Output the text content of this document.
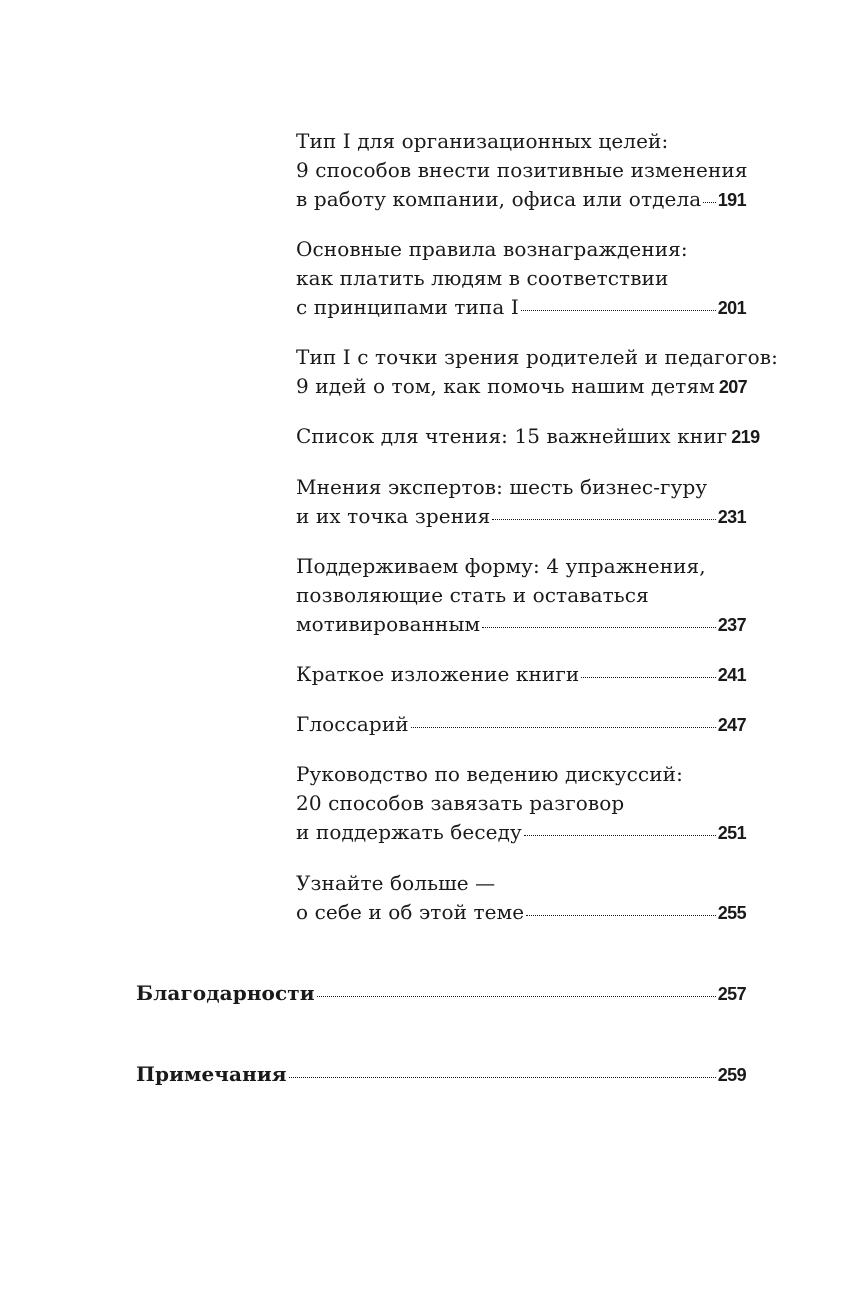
Тип I для организационных целей:
9 способов внести позитивные изменения
в работу компании, офиса или отдела 191
Основные правила вознаграждения:
как платить людям в соответствии
с принципами типа I	201
Тип I с точки зрения родителей и педагогов:
9 идей о том, как помочь нашим детям 207
Список для чтения: 15 важнейших книг 219
Мнения экспертов: шесть бизнес-гуру
и их точка зрения	231
Поддерживаем форму: 4 упражнения,
позволяющие стать и оставаться
мотивированным	237
Краткое изложение книги	241
Глоссарий	247
Руководство по ведению дискуссий:
20 способов завязать разговор
и поддержать беседу	251
Узнайте больше —
о себе и об этой теме	255
Благодарности	257
Примечания	259
